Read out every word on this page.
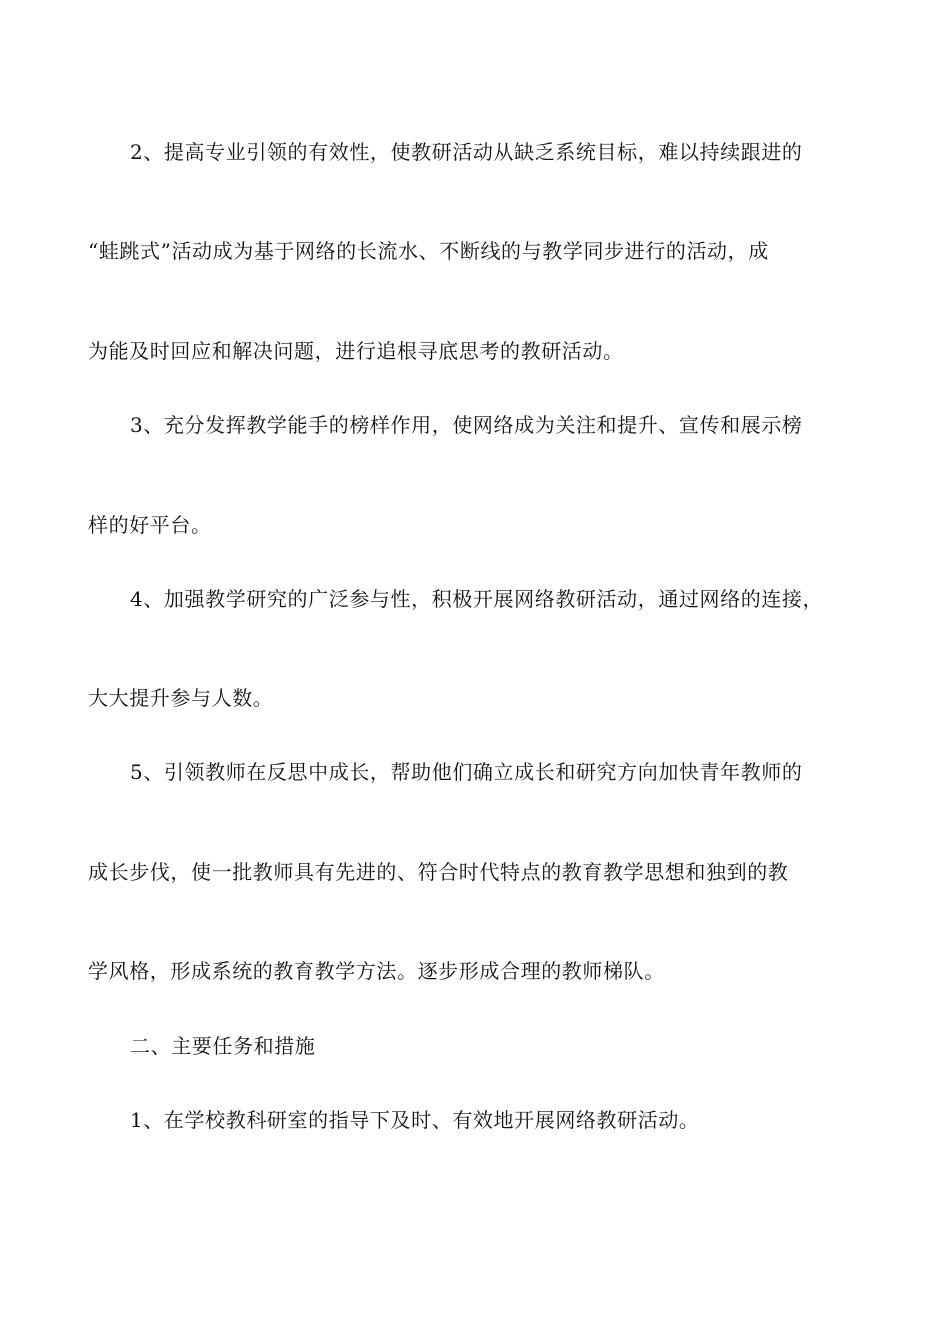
2、提高专业引领的有效性，使教研活动从缺乏系统目标，难以持续跟进的
“蛙跳式”活动成为基于网络的长流水、不断线的与教学同步进行的活动，成
为能及时回应和解决问题，进行追根寻底思考的教研活动。
3、充分发挥教学能手的榜样作用，使网络成为关注和提升、宣传和展示榜
样的好平台。
4、加强教学研究的广泛参与性，积极开展网络教研活动，通过网络的连接，
大大提升参与人数。
5、引领教师在反思中成长，帮助他们确立成长和研究方向加快青年教师的
成长步伐，使一批教师具有先进的、符合时代特点的教育教学思想和独到的教
学风格，形成系统的教育教学方法。逐步形成合理的教师梯队。
二、主要任务和措施
1、在学校教科研室的指导下及时、有效地开展网络教研活动。
